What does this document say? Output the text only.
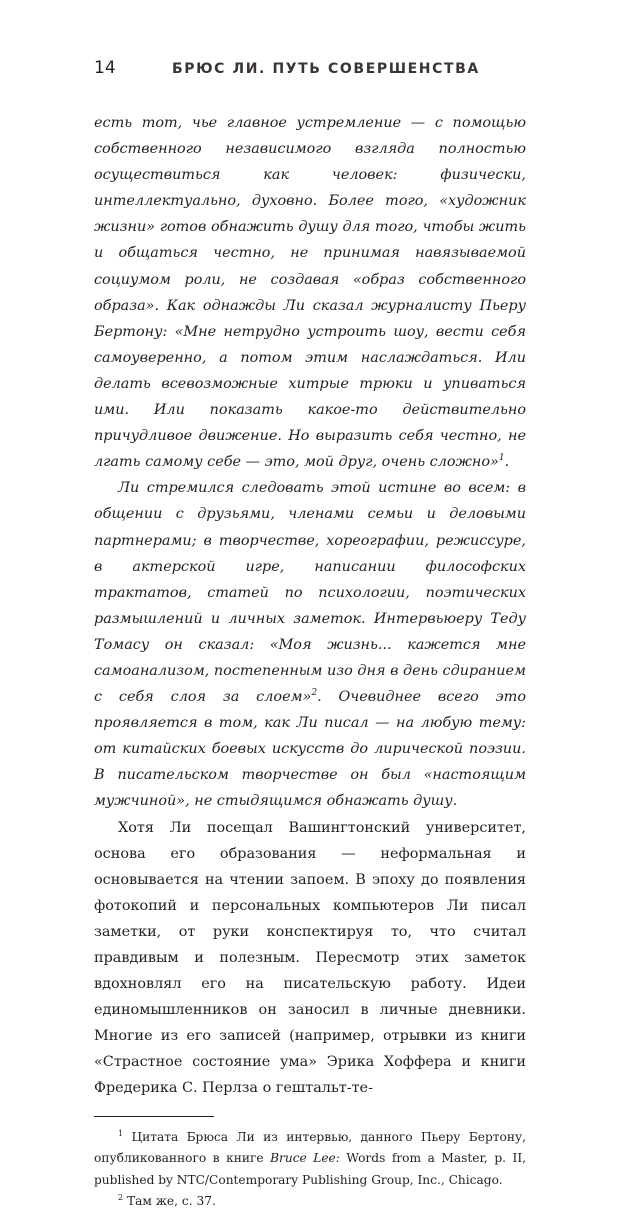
14	БРЮС ЛИ. ПУТЬ СОВЕРШЕНСТВА

есть тот, чье главное устремление — с помощью собственного независимого взгляда полностью осуществиться как человек: физически, интеллектуально, духовно. Более того, «художник жизни» готов обнажить душу для того, чтобы жить и общаться честно, не принимая навязываемой социумом роли, не создавая «образ собственного образа». Как однажды Ли сказал журналисту Пьеру Бертону: «Мне нетрудно устроить шоу, вести себя самоуверенно, а потом этим наслаждаться. Или делать всевозможные хитрые трюки и упиваться ими. Или показать какое-то действительно причудливое движение. Но выразить себя честно, не лгать самому себе — это, мой друг, очень сложно»$^1$.

Ли стремился следовать этой истине во всем: в общении с друзьями, членами семьи и деловыми партнерами; в творчестве, хореографии, режиссуре, в актерской игре, написании философских трактатов, статей по психологии, поэтических размышлений и личных заметок. Интервьюеру Теду Томасу он сказал: «Моя жизнь... кажется мне самоанализом, постепенным изо дня в день сдиранием с себя слоя за слоем»$^2$. Очевиднее всего это проявляется в том, как Ли писал — на любую тему: от китайских боевых искусств до лирической поэзии. В писательском творчестве он был «настоящим мужчиной», не стыдящимся обнажать душу.

Хотя Ли посещал Вашингтонский университет, основа его образования — неформальная и основывается на чтении запоем. В эпоху до появления фотокопий и персональных компьютеров Ли писал заметки, от руки конспектируя то, что считал правдивым и полезным. Пересмотр этих заметок вдохновлял его на писательскую работу. Идеи единомышленников он заносил в личные дневники. Многие из его записей (например, отрывки из книги «Страстное состояние ума» Эрика Хоффера и книги Фредерика С. Перлза о гештальт-те-

$^1$ Цитата Брюса Ли из интервью, данного Пьеру Бертону, опубликованного в книге Bruce Lee: Words from a Master, p. II, published by NTC/Contemporary Publishing Group, Inc., Chicago.

$^2$ Там же, с. 37.
